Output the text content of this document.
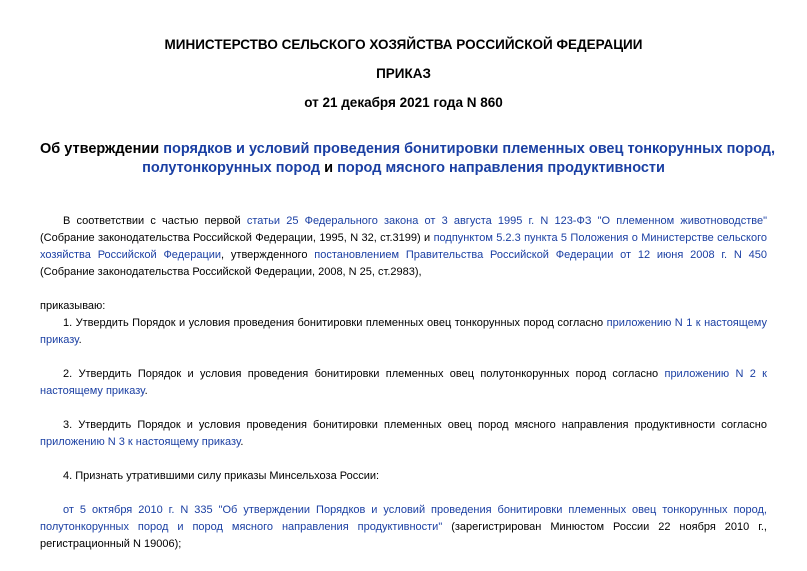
МИНИСТЕРСТВО СЕЛЬСКОГО ХОЗЯЙСТВА РОССИЙСКОЙ ФЕДЕРАЦИИ
ПРИКАЗ
от 21 декабря 2021 года N 860
Об утверждении порядков и условий проведения бонитировки племенных овец тонкорунных пород,
полутонкорунных пород и пород мясного направления продуктивности

В соответствии с частью первой статьи 25 Федерального закона от 3 августа 1995 г. N 123-ФЗ "О племенном животноводстве" (Собрание законодательства Российской Федерации, 1995, N 32, ст.3199) и подпунктом 5.2.3 пункта 5 Положения о Министерстве сельского хозяйства Российской Федерации, утвержденного постановлением Правительства Российской Федерации от 12 июня 2008 г. N 450 (Собрание законодательства Российской Федерации, 2008, N 25, ст.2983),

приказываю:

1. Утвердить Порядок и условия проведения бонитировки племенных овец тонкорунных пород согласно приложению N 1 к настоящему приказу.

2. Утвердить Порядок и условия проведения бонитировки племенных овец полутонкорунных пород согласно приложению N 2 к настоящему приказу.

3. Утвердить Порядок и условия проведения бонитировки племенных овец пород мясного направления продуктивности согласно приложению N 3 к настоящему приказу.

4. Признать утратившими силу приказы Минсельхоза России:

от 5 октября 2010 г. N 335 "Об утверждении Порядков и условий проведения бонитировки племенных овец тонкорунных пород, полутонкорунных пород и пород мясного направления продуктивности" (зарегистрирован Минюстом России 22 ноября 2010 г., регистрационный N 19006);
